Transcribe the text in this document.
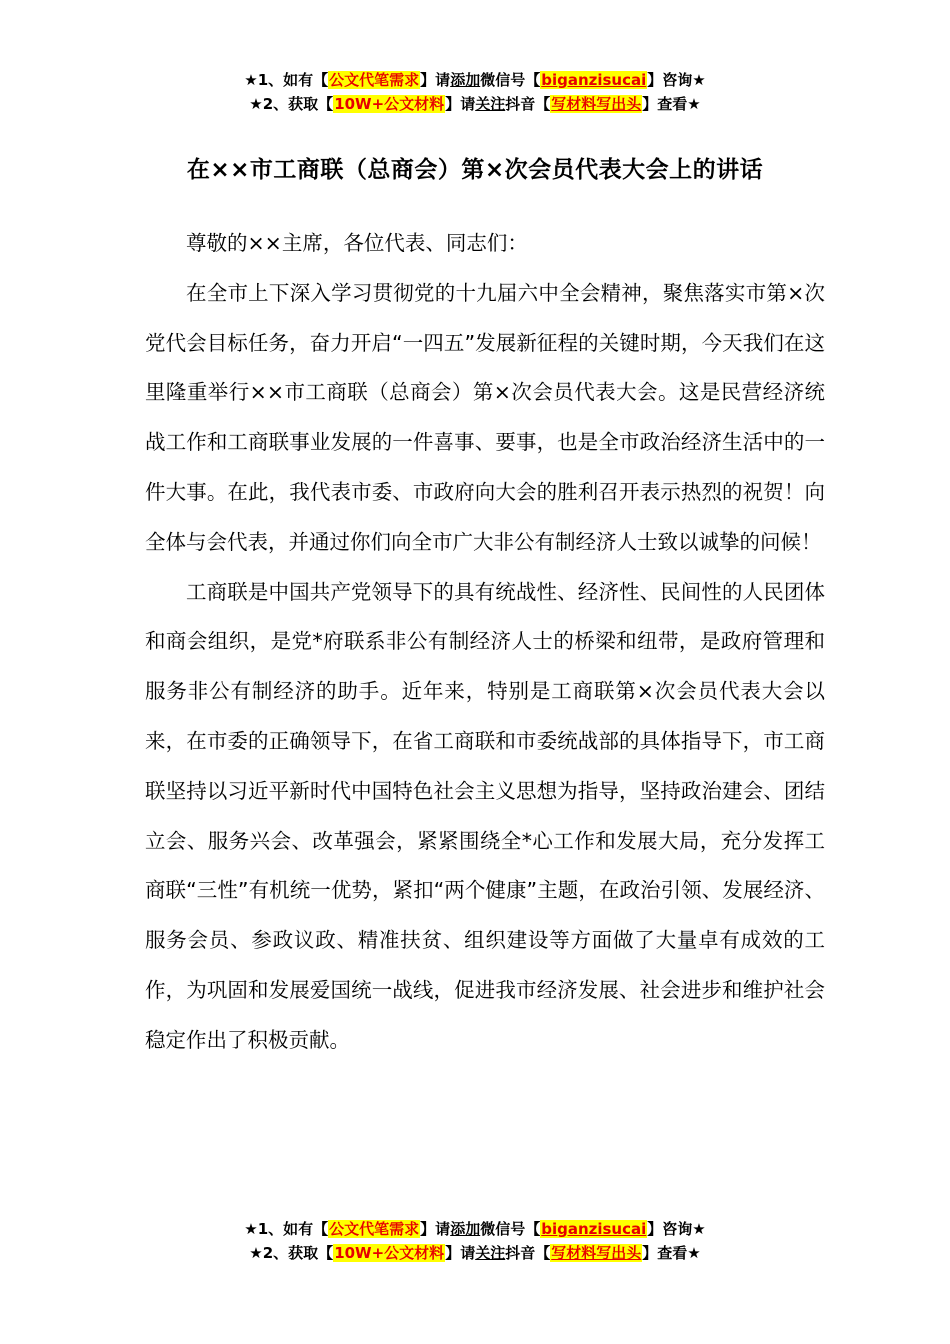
★1、如有【公文代笔需求】请添加微信号【biganzisucai】咨询★
★2、获取【10W+公文材料】请关注抖音【写材料写出头】查看★
在××市工商联（总商会）第×次会员代表大会上的讲话

尊敬的××主席，各位代表、同志们：

在全市上下深入学习贯彻党的十九届六中全会精神，聚焦落实市第×次党代会目标任务，奋力开启“一四五”发展新征程的关键时期，今天我们在这里隆重举行××市工商联（总商会）第×次会员代表大会。这是民营经济统战工作和工商联事业发展的一件喜事、要事，也是全市政治经济生活中的一件大事。在此，我代表市委、市政府向大会的胜利召开表示热烈的祝贺！向全体与会代表，并通过你们向全市广大非公有制经济人士致以诚挚的问候！

工商联是中国共产党领导下的具有统战性、经济性、民间性的人民团体和商会组织，是党*府联系非公有制经济人士的桥梁和纽带，是政府管理和服务非公有制经济的助手。近年来，特别是工商联第×次会员代表大会以来，在市委的正确领导下，在省工商联和市委统战部的具体指导下，市工商联坚持以习近平新时代中国特色社会主义思想为指导，坚持政治建会、团结立会、服务兴会、改革强会，紧紧围绕全*心工作和发展大局，充分发挥工商联“三性”有机统一优势，紧扣“两个健康”主题，在政治引领、发展经济、服务会员、参政议政、精准扶贫、组织建设等方面做了大量卓有成效的工作，为巩固和发展爱国统一战线，促进我市经济发展、社会进步和维护社会稳定作出了积极贡献。

★1、如有【公文代笔需求】请添加微信号【biganzisucai】咨询★
★2、获取【10W+公文材料】请关注抖音【写材料写出头】查看★
